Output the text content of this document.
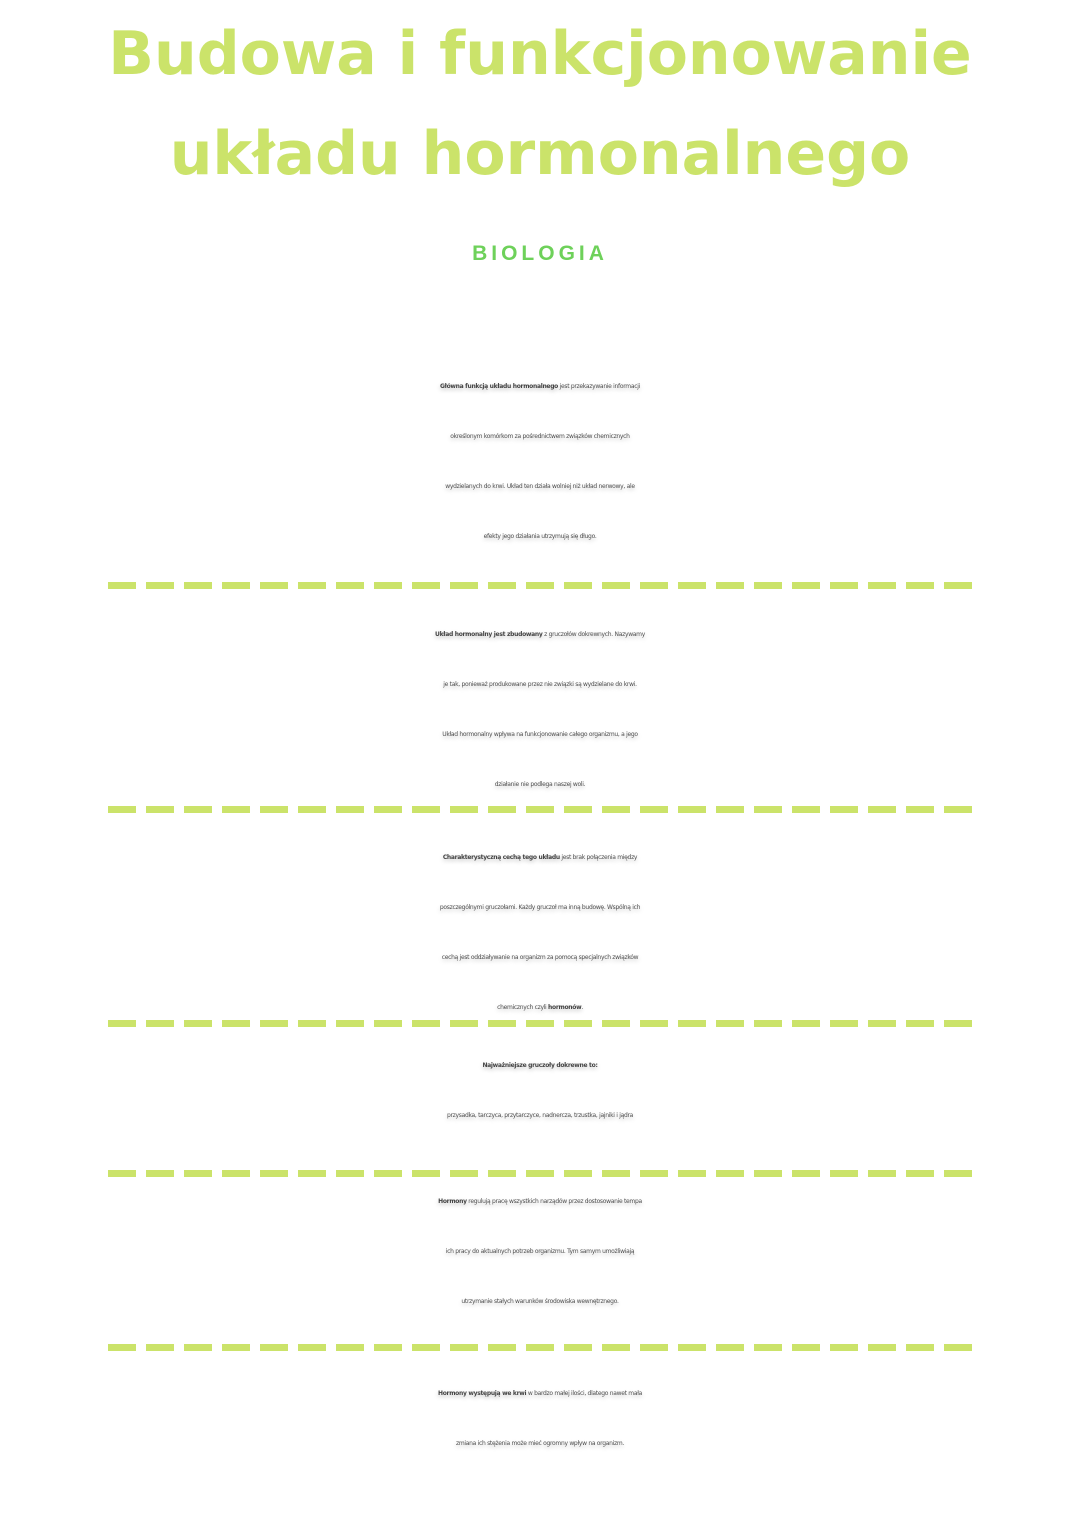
Budowa i funkcjonowanie
układu hormonalnego
BIOLOGIA
Główna funkcją układu hormonalnego jest przekazywanie informacji
określonym komórkom za pośrednictwem związków chemicznych
wydzielanych do krwi. Układ ten działa wolniej niż układ nerwowy, ale
efekty jego działania utrzymują się długo.
Układ hormonalny jest zbudowany z gruczołów dokrewnych. Nazywamy
je tak, ponieważ produkowane przez nie związki są wydzielane do krwi.
Układ hormonalny wpływa na funkcjonowanie całego organizmu, a jego
działanie nie podlega naszej woli.
Charakterystyczną cechą tego układu jest brak połączenia między
poszczególnymi gruczołami. Każdy gruczoł ma inną budowę. Wspólną ich
cechą jest oddziaływanie na organizm za pomocą specjalnych związków
chemicznych czyli hormonów.
Najważniejsze gruczoły dokrewne to:
przysadka, tarczyca, przytarczyce, nadnercza, trzustka, jajniki i jądra
Hormony regulują pracę wszystkich narządów przez dostosowanie tempa
ich pracy do aktualnych potrzeb organizmu. Tym samym umożliwiają
utrzymanie stałych warunków środowiska wewnętrznego.
Hormony występują we krwi w bardzo małej ilości, dlatego nawet mała
zmiana ich stężenia może mieć ogromny wpływ na organizm.
